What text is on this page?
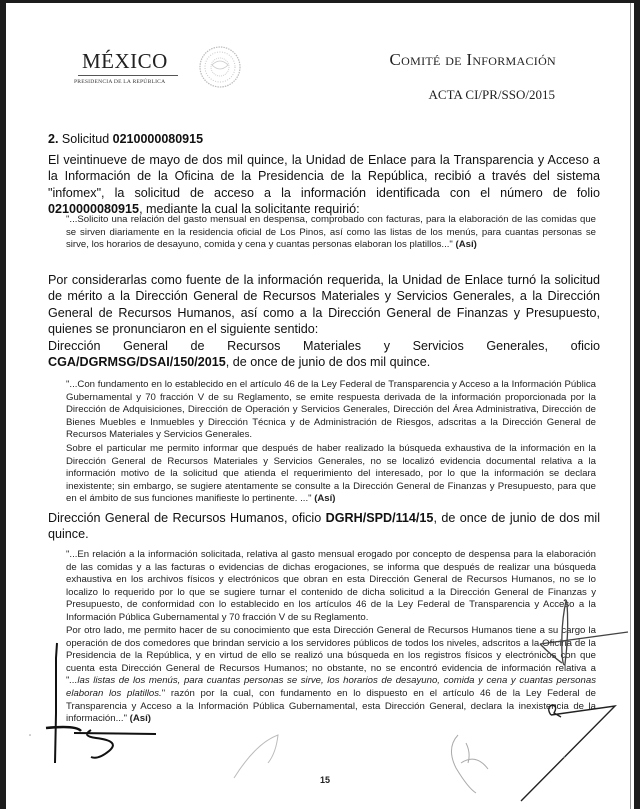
MÉXICO
PRESIDENCIA DE LA REPÚBLICA
Comité de Información
ACTA CI/PR/SSO/2015
2. Solicitud 0210000080915
El veintinueve de mayo de dos mil quince, la Unidad de Enlace para la Transparencia y Acceso a la Información de la Oficina de la Presidencia de la República, recibió a través del sistema "infomex", la solicitud de acceso a la información identificada con el número de folio 0210000080915, mediante la cual la solicitante requirió:
"...Solicito una relación del gasto mensual en despensa, comprobado con facturas, para la elaboración de las comidas que se sirven diariamente en la residencia oficial de Los Pinos, así como las listas de los menús, para cuantas personas se sirve, los horarios de desayuno, comida y cena y cuantas personas elaboran los platillos..." (Así)
Por considerarlas como fuente de la información requerida, la Unidad de Enlace turnó la solicitud de mérito a la Dirección General de Recursos Materiales y Servicios Generales, a la Dirección General de Recursos Humanos, así como a la Dirección General de Finanzas y Presupuesto, quienes se pronunciaron en el siguiente sentido:
Dirección General de Recursos Materiales y Servicios Generales, oficio CGA/DGRMSG/DSAI/150/2015, de once de junio de dos mil quince.
"...Con fundamento en lo establecido en el artículo 46 de la Ley Federal de Transparencia y Acceso a la Información Pública Gubernamental y 70 fracción V de su Reglamento, se emite respuesta derivada de la información proporcionada por la Dirección de Adquisiciones, Dirección de Operación y Servicios Generales, Dirección del Área Administrativa, Dirección de Bienes Muebles e Inmuebles y Dirección Técnica y de Administración de Riesgos, adscritas a la Dirección General de Recursos Materiales y Servicios Generales.
Sobre el particular me permito informar que después de haber realizado la búsqueda exhaustiva de la información en la Dirección General de Recursos Materiales y Servicios Generales, no se localizó evidencia documental relativa a la información motivo de la solicitud que atienda el requerimiento del interesado, por lo que la información se declara inexistente; sin embargo, se sugiere atentamente se consulte a la Dirección General de Finanzas y Presupuesto, para que en el ámbito de sus funciones manifieste lo pertinente. ..." (Así)
Dirección General de Recursos Humanos, oficio DGRH/SPD/114/15, de once de junio de dos mil quince.
"...En relación a la información solicitada, relativa al gasto mensual erogado por concepto de despensa para la elaboración de las comidas y a las facturas o evidencias de dichas erogaciones, se informa que después de realizar una búsqueda exhaustiva en los archivos físicos y electrónicos que obran en esta Dirección General de Recursos Humanos, no se lo localizo lo requerido por lo que se sugiere turnar el contenido de dicha solicitud a la Dirección General de Finanzas y Presupuesto, de conformidad con lo establecido en los artículos 46 de la Ley Federal de Transparencia y Acceso a la Información Pública Gubernamental y 70 fracción V de su Reglamento.
Por otro lado, me permito hacer de su conocimiento que esta Dirección General de Recursos Humanos tiene a su cargo la operación de dos comedores que brindan servicio a los servidores públicos de todos los niveles, adscritos a la Oficina de la Presidencia de la República, y en virtud de ello se realizó una búsqueda en los registros físicos y electrónicos con que cuenta esta Dirección General de Recursos Humanos; no obstante, no se encontró evidencia de información relativa a "...las listas de los menús, para cuantas personas se sirve, los horarios de desayuno, comida y cena y cuantas personas elaboran los platillos." razón por la cual, con fundamento en lo dispuesto en el artículo 46 de la Ley Federal de Transparencia y Acceso a la Información Pública Gubernamental, esta Dirección General, declara la inexistencia de la información..." (Así)
15
